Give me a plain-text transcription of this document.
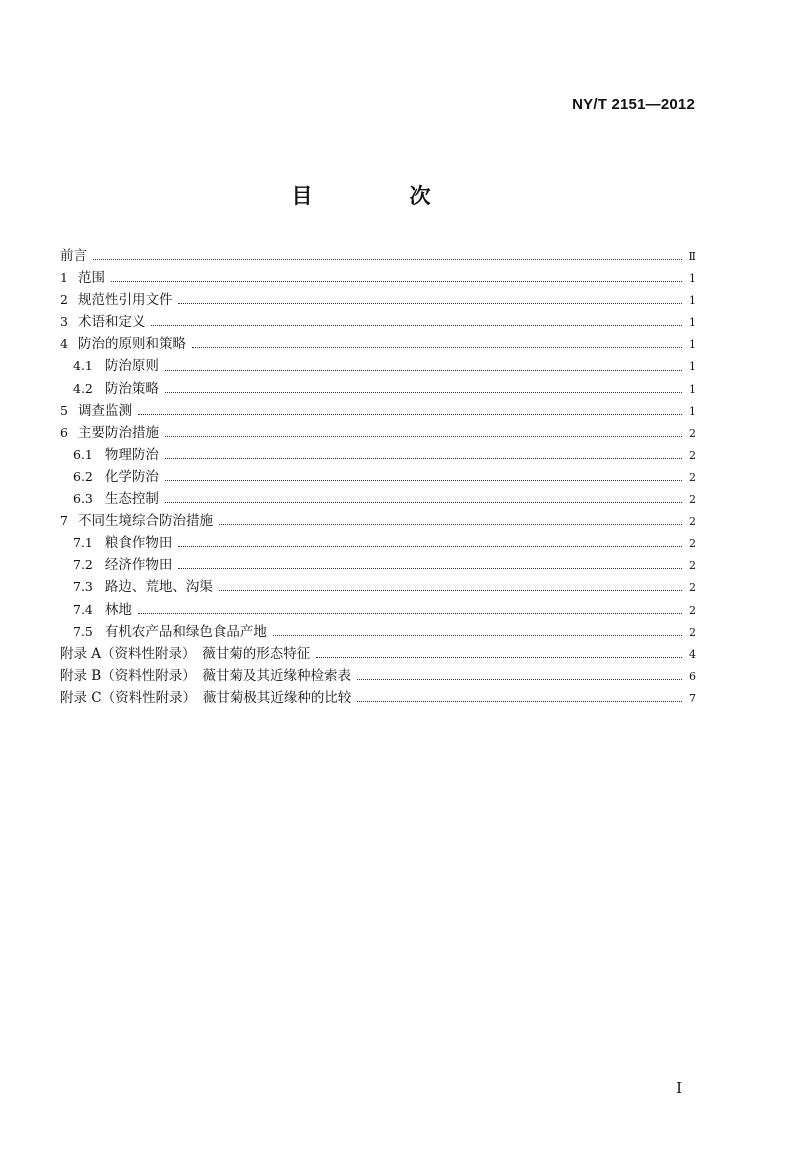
NY/T 2151—2012
目　次
前言	Ⅱ
1 范围	1
2 规范性引用文件	1
3 术语和定义	1
4 防治的原则和策略	1
4.1 防治原则	1
4.2 防治策略	1
5 调查监测	1
6 主要防治措施	2
6.1 物理防治	2
6.2 化学防治	2
6.3 生态控制	2
7 不同生境综合防治措施	2
7.1 粮食作物田	2
7.2 经济作物田	2
7.3 路边、荒地、沟渠	2
7.4 林地	2
7.5 有机农产品和绿色食品产地	2
附录 A（资料性附录）　薇甘菊的形态特征	4
附录 B（资料性附录）　薇甘菊及其近缘种检索表	6
附录 C（资料性附录）　薇甘菊极其近缘种的比较	7
I
